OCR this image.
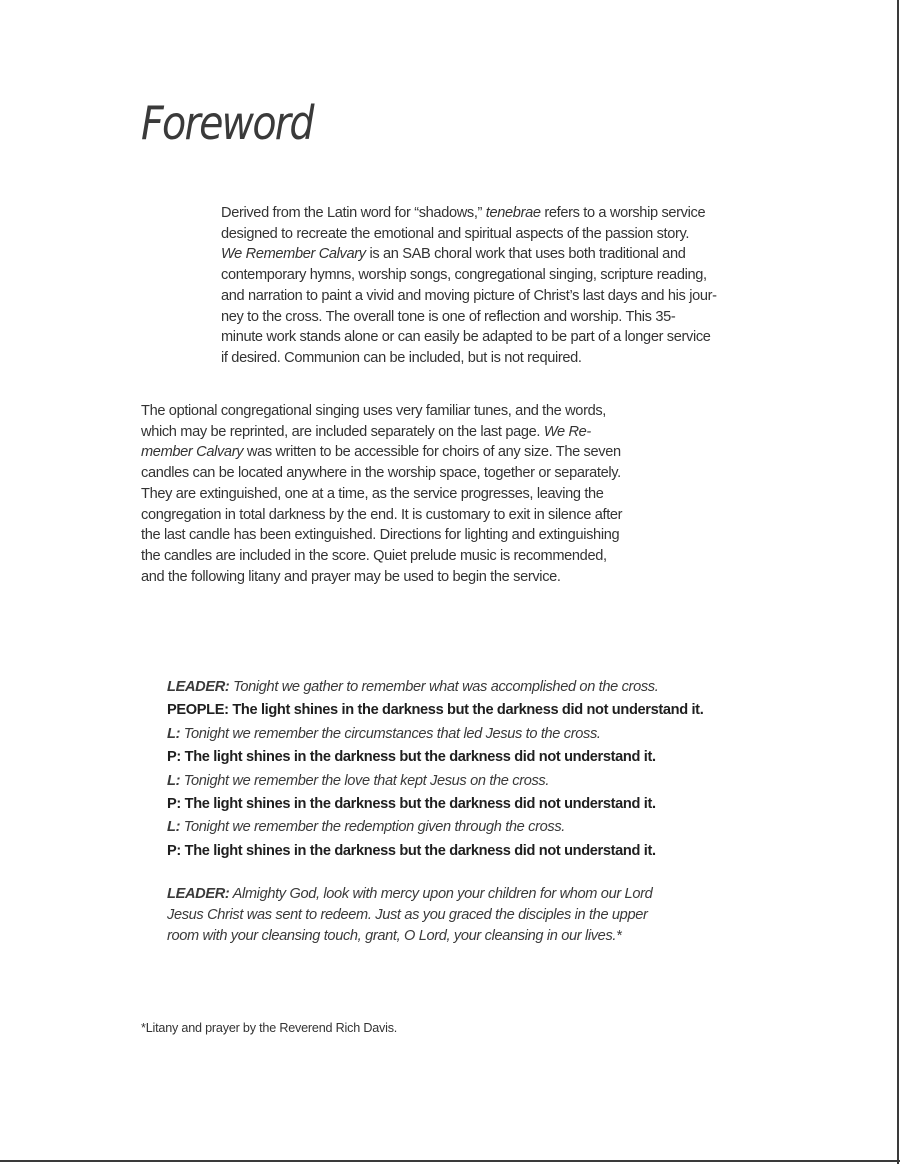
Foreword

Derived from the Latin word for “shadows,” tenebrae refers to a worship service
designed to recreate the emotional and spiritual aspects of the passion story.
We Remember Calvary is an SAB choral work that uses both traditional and
contemporary hymns, worship songs, congregational singing, scripture reading,
and narration to paint a vivid and moving picture of Christ’s last days and his jour-
ney to the cross. The overall tone is one of reflection and worship. This 35-
minute work stands alone or can easily be adapted to be part of a longer service
if desired. Communion can be included, but is not required.

The optional congregational singing uses very familiar tunes, and the words,
which may be reprinted, are included separately on the last page. We Re-
member Calvary was written to be accessible for choirs of any size. The seven
candles can be located anywhere in the worship space, together or separately.
They are extinguished, one at a time, as the service progresses, leaving the
congregation in total darkness by the end. It is customary to exit in silence after
the last candle has been extinguished. Directions for lighting and extinguishing
the candles are included in the score. Quiet prelude music is recommended,
and the following litany and prayer may be used to begin the service.

LEADER: Tonight we gather to remember what was accomplished on the cross.
PEOPLE: The light shines in the darkness but the darkness did not understand it.
L: Tonight we remember the circumstances that led Jesus to the cross.
P: The light shines in the darkness but the darkness did not understand it.
L: Tonight we remember the love that kept Jesus on the cross.
P: The light shines in the darkness but the darkness did not understand it.
L: Tonight we remember the redemption given through the cross.
P: The light shines in the darkness but the darkness did not understand it.

LEADER: Almighty God, look with mercy upon your children for whom our Lord
Jesus Christ was sent to redeem. Just as you graced the disciples in the upper
room with your cleansing touch, grant, O Lord, your cleansing in our lives.*

*Litany and prayer by the Reverend Rich Davis.
